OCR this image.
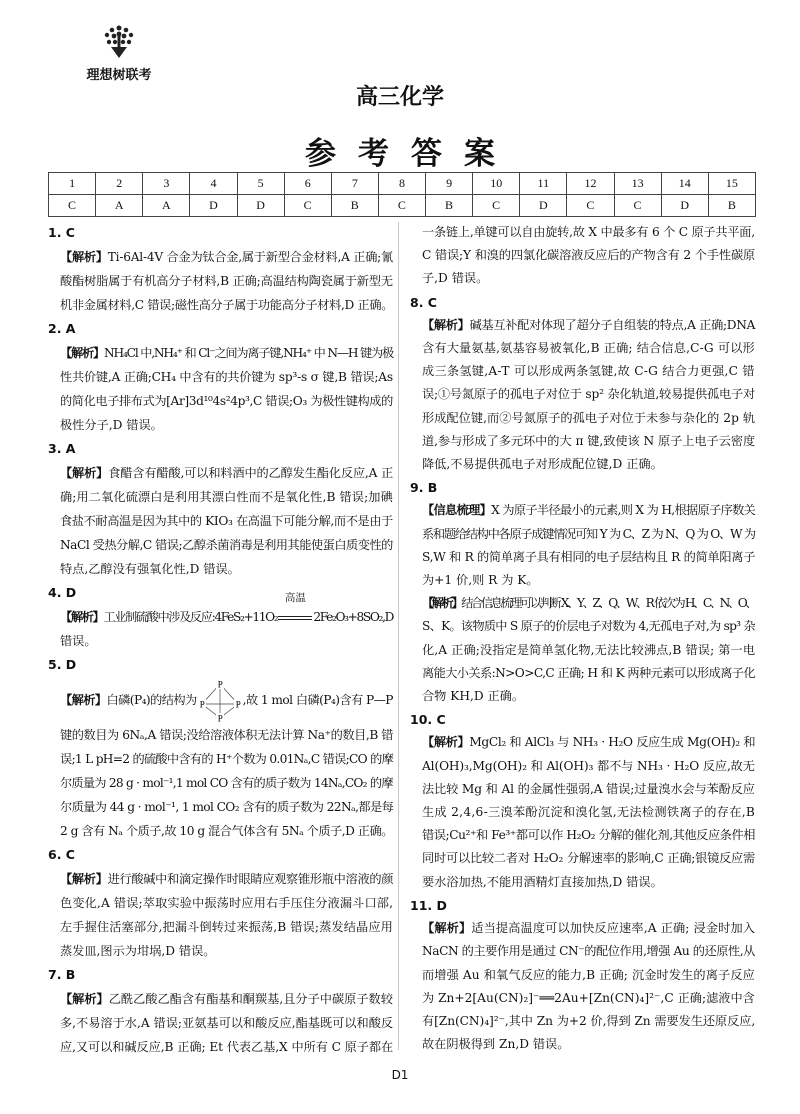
理想树联考
高三化学
参考答案
1	2	3	4	5	6	7	8	9	10	11	12	13	14	15
C	A	A	D	D	C	B	C	B	C	D	C	C	D	B
1. C
【解析】Ti-6Al-4V 合金为钛合金,属于新型合金材料,A 正确;氰
酸酯树脂属于有机高分子材料,B 正确;高温结构陶瓷属于新型无
机非金属材料,C 错误;磁性高分子属于功能高分子材料,D 正确。
2. A
【解析】NH₄Cl 中,NH₄⁺ 和 Cl⁻之间为离子键,NH₄⁺ 中 N—H 键为极
性共价键,A 正确;CH₄ 中含有的共价键为 sp³-s σ 键,B 错误;As
的简化电子排布式为[Ar]3d¹⁰4s²4p³,C 错误;O₃ 为极性键构成的
极性分子,D 错误。
3. A
【解析】食醋含有醋酸,可以和料酒中的乙醇发生酯化反应,A 正
确;用二氧化硫漂白是利用其漂白性而不是氧化性,B 错误;加碘
食盐不耐高温是因为其中的 KIO₃ 在高温下可能分解,而不是由于
NaCl 受热分解,C 错误;乙醇杀菌消毒是利用其能使蛋白质变性的
特点,乙醇没有强氧化性,D 错误。
4. D
【解析】工业制硫酸中涉及反应:4FeS₂+11O₂
高温
2Fe₂O₃+8SO₂,D
错误。
5. D
【解析】白磷(P₄)的结构为
P
P	P
P
,故 1 mol 白磷(P₄)含有 P—P
键的数目为 6Nₐ,A 错误;没给溶液体积无法计算 Na⁺的数目,B 错
误;1 L pH=2 的硫酸中含有的 H⁺个数为 0.01Nₐ,C 错误;CO 的摩
尔质量为 28 g · mol⁻¹,1 mol CO 含有的质子数为 14Nₐ,CO₂ 的摩
尔质量为 44 g · mol⁻¹, 1 mol CO₂ 含有的质子数为 22Nₐ,都是每
2 g 含有 Nₐ 个质子,故 10 g 混合气体含有 5Nₐ 个质子,D 正确。
6. C
【解析】进行酸碱中和滴定操作时眼睛应观察锥形瓶中溶液的颜
色变化,A 错误;萃取实验中振荡时应用右手压住分液漏斗口部,
左手握住活塞部分,把漏斗倒转过来振荡,B 错误;蒸发结晶应用
蒸发皿,图示为坩埚,D 错误。
7. B
【解析】乙酰乙酸乙酯含有酯基和酮羰基,且分子中碳原子数较
多,不易溶于水,A 错误;亚氨基可以和酸反应,酯基既可以和酸反
应,又可以和碱反应,B 正确; Et 代表乙基,X 中所有 C 原子都在
一条链上,单键可以自由旋转,故 X 中最多有 6 个 C 原子共平面,
C 错误;Y 和溴的四氯化碳溶液反应后的产物含有 2 个手性碳原
子,D 错误。
8. C
【解析】碱基互补配对体现了超分子自组装的特点,A 正确;DNA
含有大量氨基,氨基容易被氧化,B 正确; 结合信息,C-G 可以形
成三条氢键,A-T 可以形成两条氢键,故 C-G 结合力更强,C 错
误;①号氮原子的孤电子对位于 sp² 杂化轨道,较易提供孤电子对
形成配位键,而②号氮原子的孤电子对位于未参与杂化的 2p 轨
道,参与形成了多元环中的大 π 键,致使该 N 原子上电子云密度
降低,不易提供孤电子对形成配位键,D 正确。
9. B
【信息梳理】X 为原子半径最小的元素,则 X 为 H,根据原子序数关
系和题给结构中各原子成键情况可知 Y 为 C、Z 为 N、Q 为 O、W 为
S,W 和 R 的简单离子具有相同的电子层结构且 R 的简单阳离子
为+1 价,则 R 为 K。
【解析】结合信息梳理可以判断 X、Y、Z、Q、W、R 依次为 H、C、N、O、
S、K。该物质中 S 原子的价层电子对数为 4,无孤电子对,为 sp³ 杂
化,A 正确;没指定是简单氢化物,无法比较沸点,B 错误; 第一电
离能大小关系:N>O>C,C 正确; H 和 K 两种元素可以形成离子化
合物 KH,D 正确。
10. C
【解析】MgCl₂ 和 AlCl₃ 与 NH₃ · H₂O 反应生成 Mg(OH)₂ 和
Al(OH)₃,Mg(OH)₂ 和 Al(OH)₃ 都不与 NH₃ · H₂O 反应,故无
法比较 Mg 和 Al 的金属性强弱,A 错误;过量溴水会与苯酚反应
生成 2,4,6-三溴苯酚沉淀和溴化氢,无法检测铁离子的存在,B
错误;Cu²⁺和 Fe³⁺都可以作 H₂O₂ 分解的催化剂,其他反应条件相
同时可以比较二者对 H₂O₂ 分解速率的影响,C 正确;银镜反应需
要水浴加热,不能用酒精灯直接加热,D 错误。
11. D
【解析】适当提高温度可以加快反应速率,A 正确; 浸金时加入
NaCN 的主要作用是通过 CN⁻的配位作用,增强 Au 的还原性,从
而增强 Au 和氧气反应的能力,B 正确; 沉金时发生的离子反应
为 Zn+2[Au(CN)₂]⁻══2Au+[Zn(CN)₄]²⁻,C 正确;滤液中含
有[Zn(CN)₄]²⁻,其中 Zn 为+2 价,得到 Zn 需要发生还原反应,
故在阴极得到 Zn,D 错误。
D1
